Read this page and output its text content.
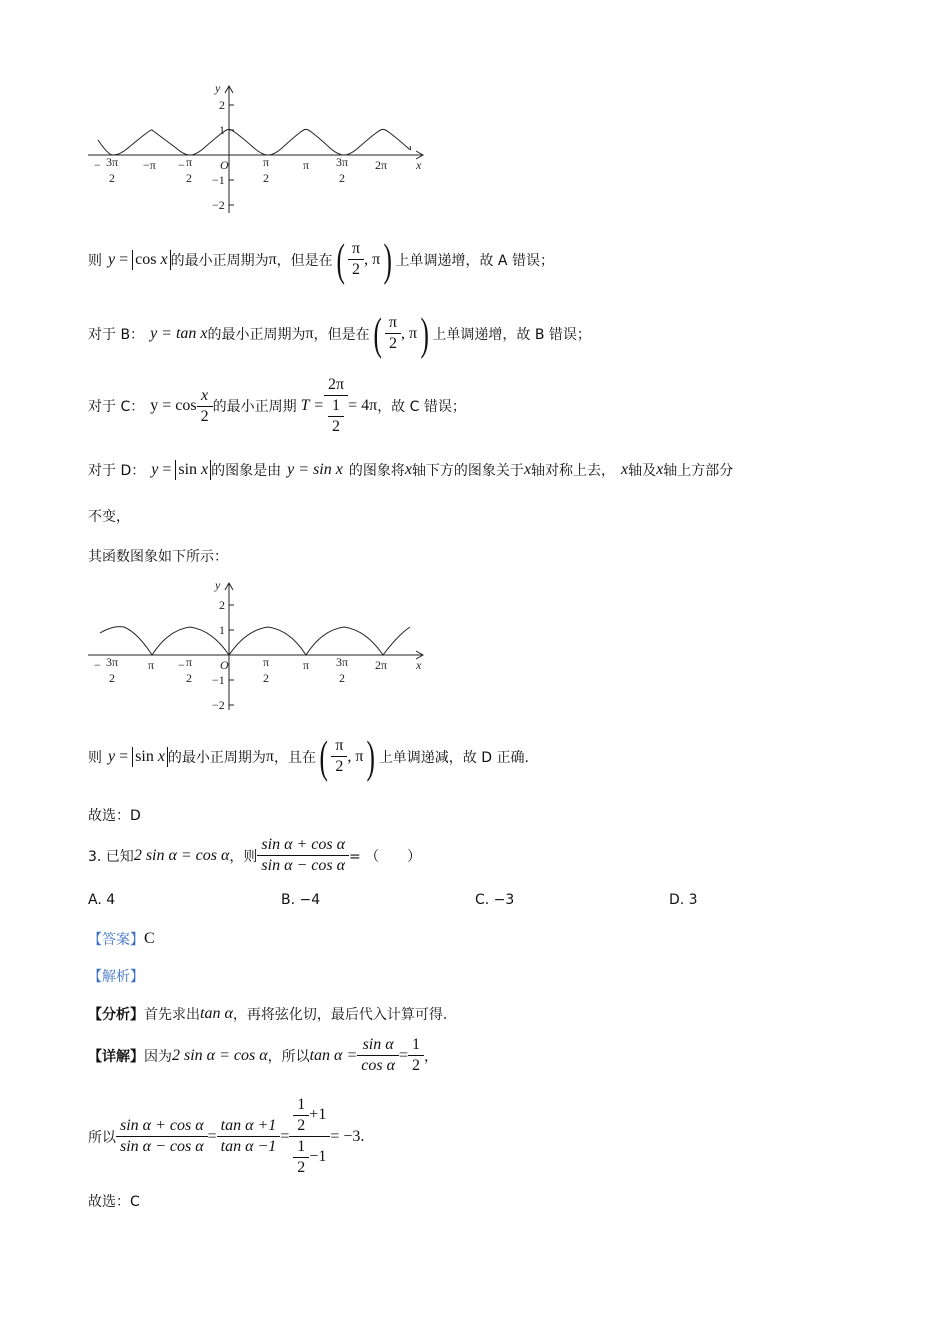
y
2
1
−1
−2
O	x
− 3π
2
−π − π
2
π
2
π 3π
2
2π
则 y = cos x 的最小正周期为 π ，但是在 ( $\frac{\pi}{2}$ , π ) 上单调递增，故 A 错误；
对于 B： y = tan x 的最小正周期为 π ，但是在 ( $\frac{\pi}{2}$ , π ) 上单调递增，故 B 错误；
对于 C： $y = \cos \frac{x}{2}$ 的最小正周期 $T = \frac{2\pi}{\frac{1}{2}} = 4\pi$ ，故 C 错误；
对于 D： y = sin x 的图象是由 y = sin x 的图象将 x 轴下方的图象关于 x 轴对称上去， x 轴及 x 轴上方部分
不变，
其函数图象如下所示：
y
2
1
−1
−2
O	x
− 3π
2
π − π
2
π
2
π 3π
2
2π
则 y = sin x 的最小正周期为 π ，且在 ( $\frac{\pi}{2}$ , π ) 上单调递减，故 D 正确.
故选：D
3. 已知 2 sin α = cos α ，则 $\frac{\text{sin α + cos α}}{\text{sin α − cos α}}$ = （　　）
A. 4	B. −4	C. −3	D. 3
【答案】 C
【解析】
【分析】 首先求出 tan α ，再将弦化切，最后代入计算可得.
【详解】 因为 2 sin α = cos α ，所以 $\tan \alpha = \frac{\text{sin α}}{\text{cos α}} = \frac{1}{2}$ ，
所以 $\frac{\text{sin α + cos α}}{\text{sin α − cos α}} = \frac{\text{tan α +1}}{\text{tan α −1}} = \frac{\frac{1}{2} +1}{\frac{1}{2} -1} = -3$.
故选：C
